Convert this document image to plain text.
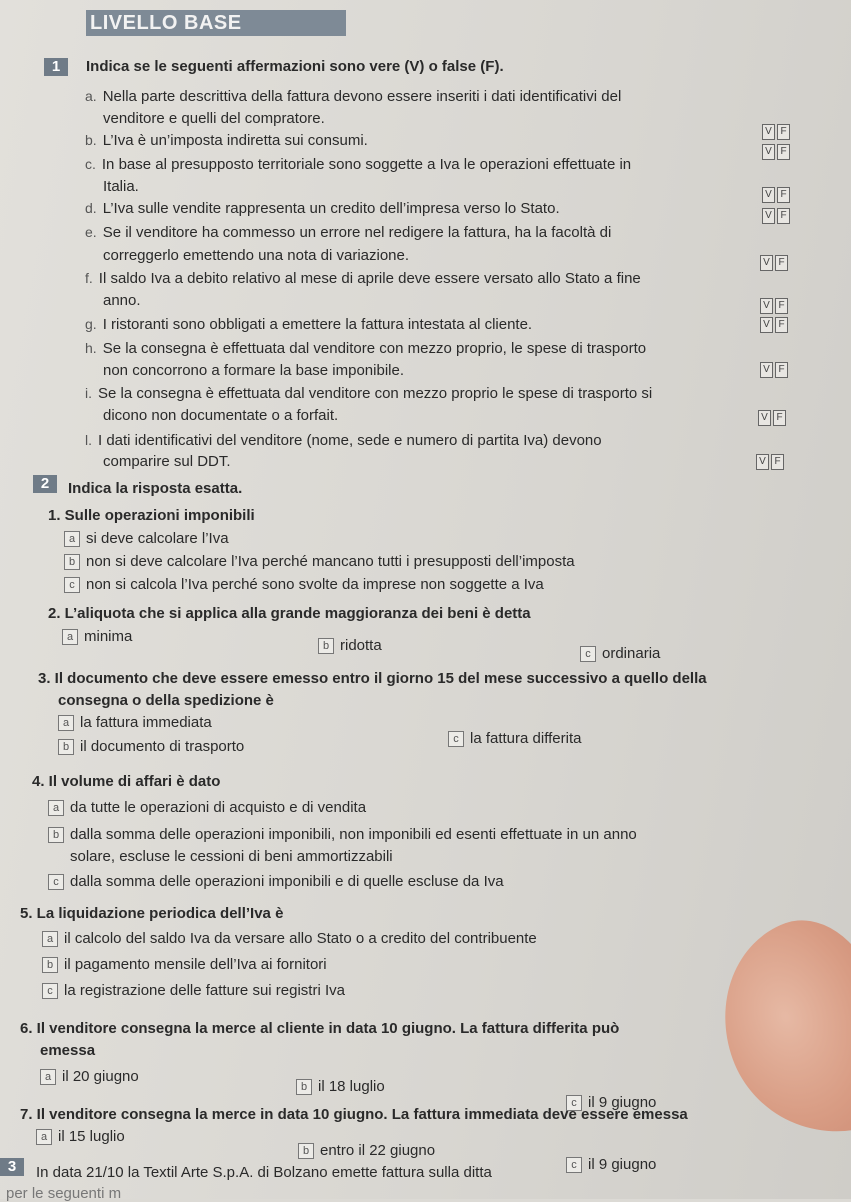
LIVELLO BASE
1	Indica se le seguenti affermazioni sono vere (V) o false (F).
a. Nella parte descrittiva della fattura devono essere inseriti i dati identificativi del
venditore e quelli del compratore.
V F
b. L’Iva è un’imposta indiretta sui consumi.
V F
c. In base al presupposto territoriale sono soggette a Iva le operazioni effettuate in
Italia.	V F
d. L’Iva sulle vendite rappresenta un credito dell’impresa verso lo Stato.	V F
e. Se il venditore ha commesso un errore nel redigere la fattura, ha la facoltà di
correggerlo emettendo una nota di variazione.	V F
f. Il saldo Iva a debito relativo al mese di aprile deve essere versato allo Stato a fine
anno.	V F
g. I ristoranti sono obbligati a emettere la fattura intestata al cliente.	V F
h. Se la consegna è effettuata dal venditore con mezzo proprio, le spese di trasporto
non concorrono a formare la base imponibile.	V F
i. Se la consegna è effettuata dal venditore con mezzo proprio le spese di trasporto si
dicono non documentate o a forfait.	V F
l. I dati identificativi del venditore (nome, sede e numero di partita Iva) devono
comparire sul DDT.	V F
2	Indica la risposta esatta.
1. Sulle operazioni imponibili
a si deve calcolare l’Iva
b non si deve calcolare l’Iva perché mancano tutti i presupposti dell’imposta
c non si calcola l’Iva perché sono svolte da imprese non soggette a Iva
2. L’aliquota che si applica alla grande maggioranza dei beni è detta
a minima
b ridotta
c ordinaria
3. Il documento che deve essere emesso entro il giorno 15 del mese successivo a quello della
consegna o della spedizione è
a la fattura immediata
b il documento di trasporto	c la fattura differita
4. Il volume di affari è dato
a da tutte le operazioni di acquisto e di vendita
b dalla somma delle operazioni imponibili, non imponibili ed esenti effettuate in un anno
solare, escluse le cessioni di beni ammortizzabili
c dalla somma delle operazioni imponibili e di quelle escluse da Iva
5. La liquidazione periodica dell’Iva è
a il calcolo del saldo Iva da versare allo Stato o a credito del contribuente
b il pagamento mensile dell’Iva ai fornitori
c la registrazione delle fatture sui registri Iva
6. Il venditore consegna la merce al cliente in data 10 giugno. La fattura differita può
emessa
a il 20 giugno
b il 18 luglio
c il 9 giugno
7. Il venditore consegna la merce in data 10 giugno. La fattura immediata deve essere emessa
a il 15 luglio
b entro il 22 giugno
c il 9 giugno
3	In data 21/10 la Textil Arte S.p.A. di Bolzano emette fattura sulla ditta
per le seguenti m
